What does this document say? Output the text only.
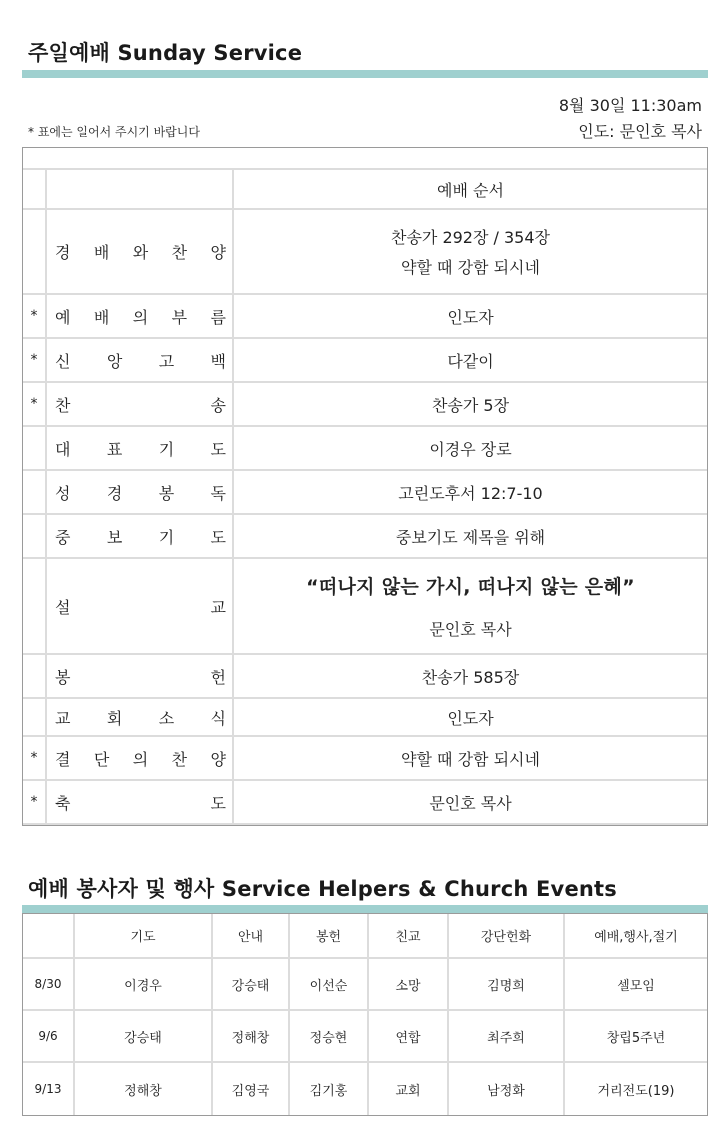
주일예배 Sunday Service
8월 30일 11:30am
인도: 문인호 목사
* 표에는 일어서 주시기 바랍니다

		예배 순서

	경 배 와 찬 양	찬송가 292장 / 354장
약할 때 강함 되시네

*	예 배 의 부 름	인도자

*	신 앙 고 백	다같이

*	찬 송	찬송가 5장

	대 표 기 도	이경우 장로

	성 경 봉 독	고린도후서 12:7-10

	중 보 기 도	중보기도 제목을 위해

	설 교	“떠나지 않는 가시, 떠나지 않는 은혜”
문인호 목사

	봉 헌	찬송가 585장

	교 회 소 식	인도자

*	결 단 의 찬 양	약할 때 강함 되시네

*	축 도	문인호 목사
예배 봉사자 및 행사 Service Helpers & Church Events
	기도	안내	봉헌	친교	강단헌화	예배,행사,절기
8/30	이경우	강승태	이선순	소망	김명희	셀모임
9/6	강승태	정해창	정승현	연합	최주희	창립5주년
9/13	정해창	김영국	김기홍	교회	남정화	거리전도(19)
